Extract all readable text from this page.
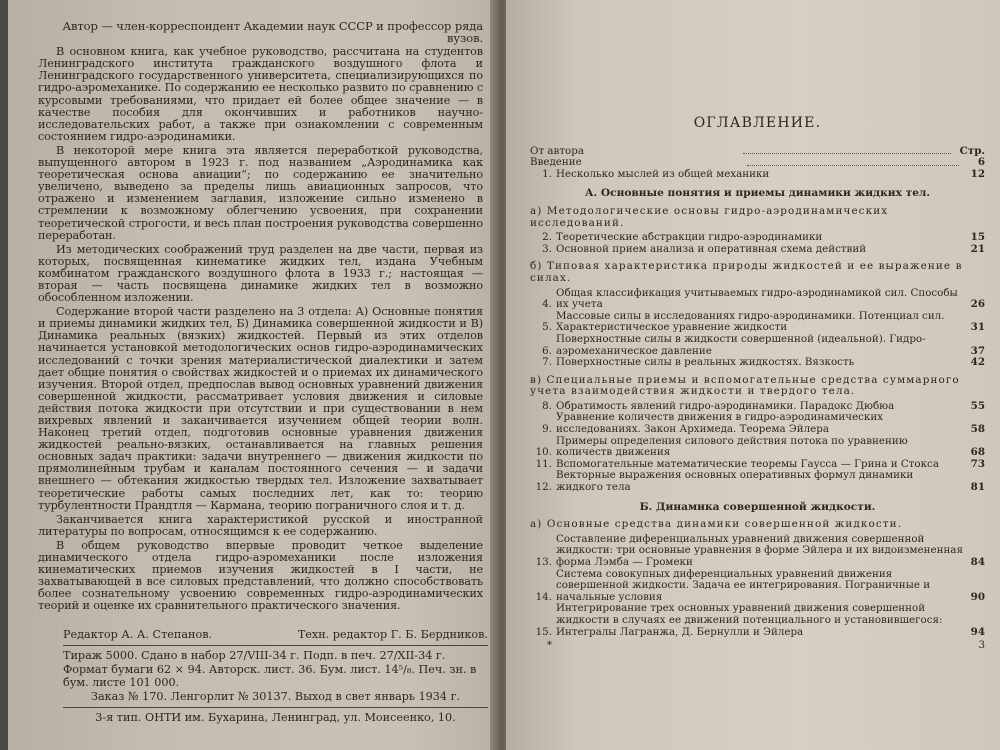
Автор — член-корреспондент Академии наук СССР и профессор ряда вузов.

В основном книга, как учебное руководство, рассчитана на студентов Ленинградского института гражданского воздушного флота и Ленинградского государственного университета, специализирующихся по гидро-аэромеханике. По содержанию ее несколько развито по сравнению с курсовыми требованиями, что придает ей более общее значение — в качестве пособия для окончивших и работников научно-исследовательских работ, а также при ознакомлении с современным состоянием гидро-аэродинамики.

В некоторой мере книга эта является переработкой руководства, выпущенного автором в 1923 г. под названием „Аэродинамика как теоретическая основа авиации“; по содержанию ее значительно увеличено, выведено за пределы лишь авиационных запросов, что отражено и изменением заглавия, изложение сильно изменено в стремлении к возможному облегчению усвоения, при сохранении теоретической строгости, и весь план построения руководства совершенно переработан.

Из методических соображений труд разделен на две части, первая из которых, посвященная кинематике жидких тел, издана Учебным комбинатом гражданского воздушного флота в 1933 г.; настоящая — вторая — часть посвящена динамике жидких тел в возможно обособленном изложении.

Содержание второй части разделено на 3 отдела: А) Основные понятия и приемы динамики жидких тел, Б) Динамика совершенной жидкости и В) Динамика реальных (вязких) жидкостей. Первый из этих отделов начинается установкой методологических основ гидро-аэродинамических исследований с точки зрения материалистической диалектики и затем дает общие понятия о свойствах жидкостей и о приемах их динамического изучения. Второй отдел, предпослав вывод основных уравнений движения совершенной жидкости, рассматривает условия движения и силовые действия потока жидкости при отсутствии и при существовании в нем вихревых явлений и заканчивается изучением общей теории волн. Наконец третий отдел, подготовив основные уравнения движения жидкостей реально-вязких, останавливается на главных решения основных задач практики: задачи внутреннего — движения жидкости по прямолинейным трубам и каналам постоянного сечения — и задачи внешнего — обтекания жидкостью твердых тел. Изложение захватывает теоретические работы самых последних лет, как то: теорию турбулентности Прандтля — Кармана, теорию пограничного слоя и т. д.

Заканчивается книга характеристикой русской и иностранной литературы по вопросам, относящимся к ее содержанию.

В общем руководство впервые проводит четкое выделение динамического отдела гидро-аэромеханики после изложения кинематических приемов изучения жидкостей в I части, не захватывающей в все силовых представлений, что должно способствовать более сознательному усвоению современных гидро-аэродинамических теорий и оценке их сравнительного практического значения.

Редактор А. А. Степанов.	Техн. редактор Г. Б. Бердников.
Тираж 5000. Сдано в набор 27/VIII-34 г. Подп. в печ. 27/XII-34 г. Формат бумаги 62 × 94. Авторск. лист. 36. Бум. лист. 14⁵/₈. Печ. зн. в бум. листе 101 000.
Заказ № 170. Ленгорлит № 30137. Выход в свет январь 1934 г.
3-я тип. ОНТИ им. Бухарина, Ленинград, ул. Моисеенко, 10.
ОГЛАВЛЕНИЕ.
От автора	Стр.
Введение	6
1. Несколько мыслей из общей механики	12
А. Основные понятия и приемы динамики жидких тел.
а) Методологические основы гидро-аэродинамических исследований.
2. Теоретические абстракции гидро-аэродинамики	15
3. Основной прием анализа и оперативная схема действий	21
б) Типовая характеристика природы жидкостей и ее выражение в силах.
4.
Общая классификация учитываемых гидро-аэродинамикой сил. Способы их учета	26
5.
Массовые силы в исследованиях гидро-аэродинамики. Потенциал сил. Характеристическое уравнение жидкости	31
6.
Поверхностные силы в жидкости совершенной (идеальной). Гидро-аэромеханическое давление	37
7. Поверхностные силы в реальных жидкостях. Вязкость	42
в) Специальные приемы и вспомогательные средства суммарного учета взаимодействия жидкости и твердого тела.
8. Обратимость явлений гидро-аэродинамики. Парадокс Дюбюа	55
9.
Уравнение количеств движения в гидро-аэродинамических исследованиях. Закон Архимеда. Теорема Эйлера	58
10.
Примеры определения силового действия потока по уравнению количеств движения	68
11. Вспомогательные математические теоремы Гаусса — Грина и Стокса	73
12.
Векторные выражения основных оперативных формул динамики жидкого тела	81
Б. Динамика совершенной жидкости.
а) Основные средства динамики совершенной жидкости.
13.
Составление диференциальных уравнений движения совершенной жидкости: три основные уравнения в форме Эйлера и их видоизмененная форма Лэмба — Громеки	84
14.
Система совокупных диференциальных уравнений движения совершенной жидкости. Задача ее интегрирования. Пограничные и начальные условия	90
15.
Интегрирование трех основных уравнений движения совершенной жидкости в случаях ее движений потенциального и установившегося: Интегралы Лагранжа, Д. Бернулли и Эйлера	94
*	3
